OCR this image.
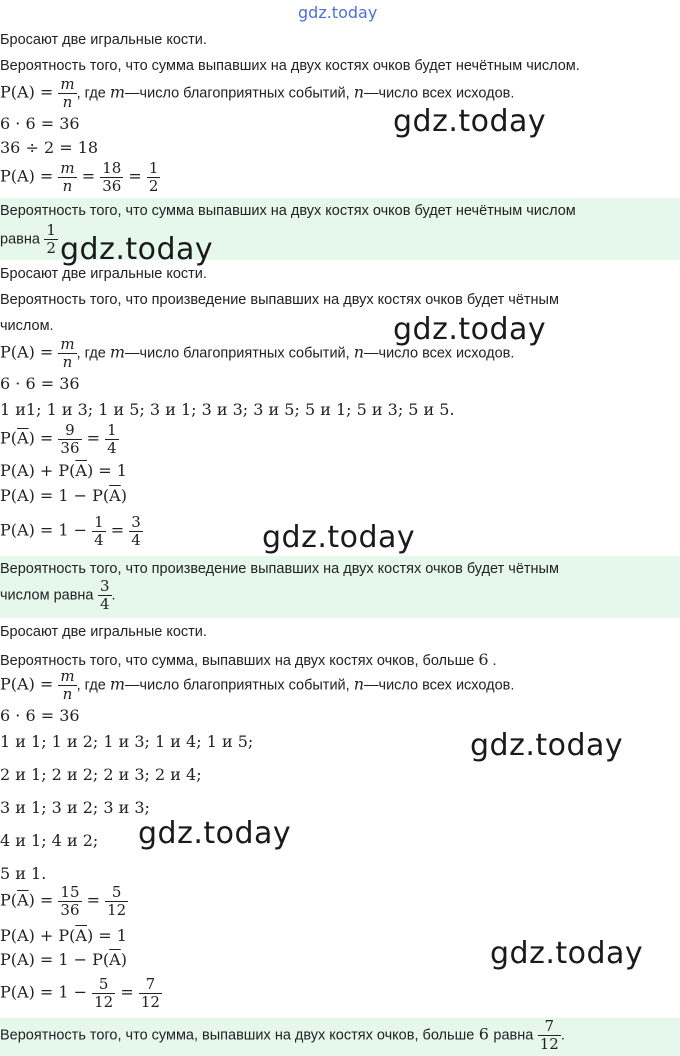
gdz.today
Бросают две игральные кости.
Вероятность того, что сумма выпавших на двух костях очков будет нечётным числом.
$P(A) = \frac{m}{n}$ , где m—число благоприятных событий, n—число всех исходов.
6 · 6 = 36
36 ÷ 2 = 18
$P(A) = \frac{m}{n} = \frac{18}{36} = \frac{1}{2}$
Вероятность того, что сумма выпавших на двух костях очков будет нечётным числом
равна $\frac{1}{2}$
Бросают две игральные кости.
Вероятность того, что произведение выпавших на двух костях очков будет чётным
числом.
$P(A) = \frac{m}{n}$ , где m—число благоприятных событий, n—число всех исходов.
6 · 6 = 36
1 и1; 1 и 3; 1 и 5; 3 и 1; 3 и 3; 3 и 5; 5 и 1; 5 и 3; 5 и 5.
$P(\overline{A}) = \frac{9}{36} = \frac{1}{4}$
$P(A) + P(\overline{A}) = 1$
$P(A) = 1 - P(\overline{A})$
$P(A) = 1 - \frac{1}{4} = \frac{3}{4}$
Вероятность того, что произведение выпавших на двух костях очков будет чётным
числом равна $\frac{3}{4}$ .
Бросают две игральные кости.
Вероятность того, что сумма, выпавших на двух костях очков, больше 6 .
$P(A) = \frac{m}{n}$ , где m—число благоприятных событий, n—число всех исходов.
6 · 6 = 36
1 и 1; 1 и 2; 1 и 3; 1 и 4; 1 и 5;
2 и 1; 2 и 2; 2 и 3; 2 и 4;
3 и 1; 3 и 2; 3 и 3;
4 и 1; 4 и 2;
5 и 1.
$P(\overline{A}) = \frac{15}{36} = \frac{5}{12}$
$P(A) + P(\overline{A}) = 1$
$P(A) = 1 - P(\overline{A})$
$P(A) = 1 - \frac{5}{12} = \frac{7}{12}$
Вероятность того, что сумма, выпавших на двух костях очков, больше 6 равна $\frac{7}{12}$ .
gdz.today
gdz.today
gdz.today
gdz.today
gdz.today
gdz.today
gdz.today
